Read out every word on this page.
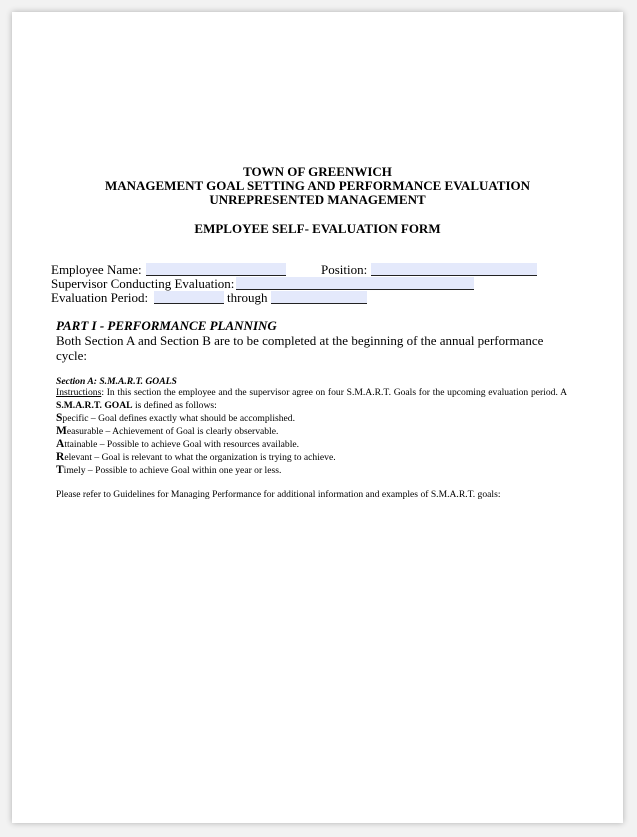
TOWN OF GREENWICH
MANAGEMENT GOAL SETTING AND PERFORMANCE EVALUATION
UNREPRESENTED MANAGEMENT
EMPLOYEE SELF- EVALUATION FORM
Employee Name:	Position:
Supervisor Conducting Evaluation:
Evaluation Period:	through
PART I - PERFORMANCE PLANNING
Both Section A and Section B are to be completed at the beginning of the annual performance cycle:
Section A: S.M.A.R.T. GOALS
Instructions: In this section the employee and the supervisor agree on four S.M.A.R.T. Goals for the upcoming evaluation period. A S.M.A.R.T. GOAL is defined as follows:
Specific – Goal defines exactly what should be accomplished.
Measurable – Achievement of Goal is clearly observable.
Attainable – Possible to achieve Goal with resources available.
Relevant – Goal is relevant to what the organization is trying to achieve.
Timely – Possible to achieve Goal within one year or less.
Please refer to Guidelines for Managing Performance for additional information and examples of S.M.A.R.T. goals:
